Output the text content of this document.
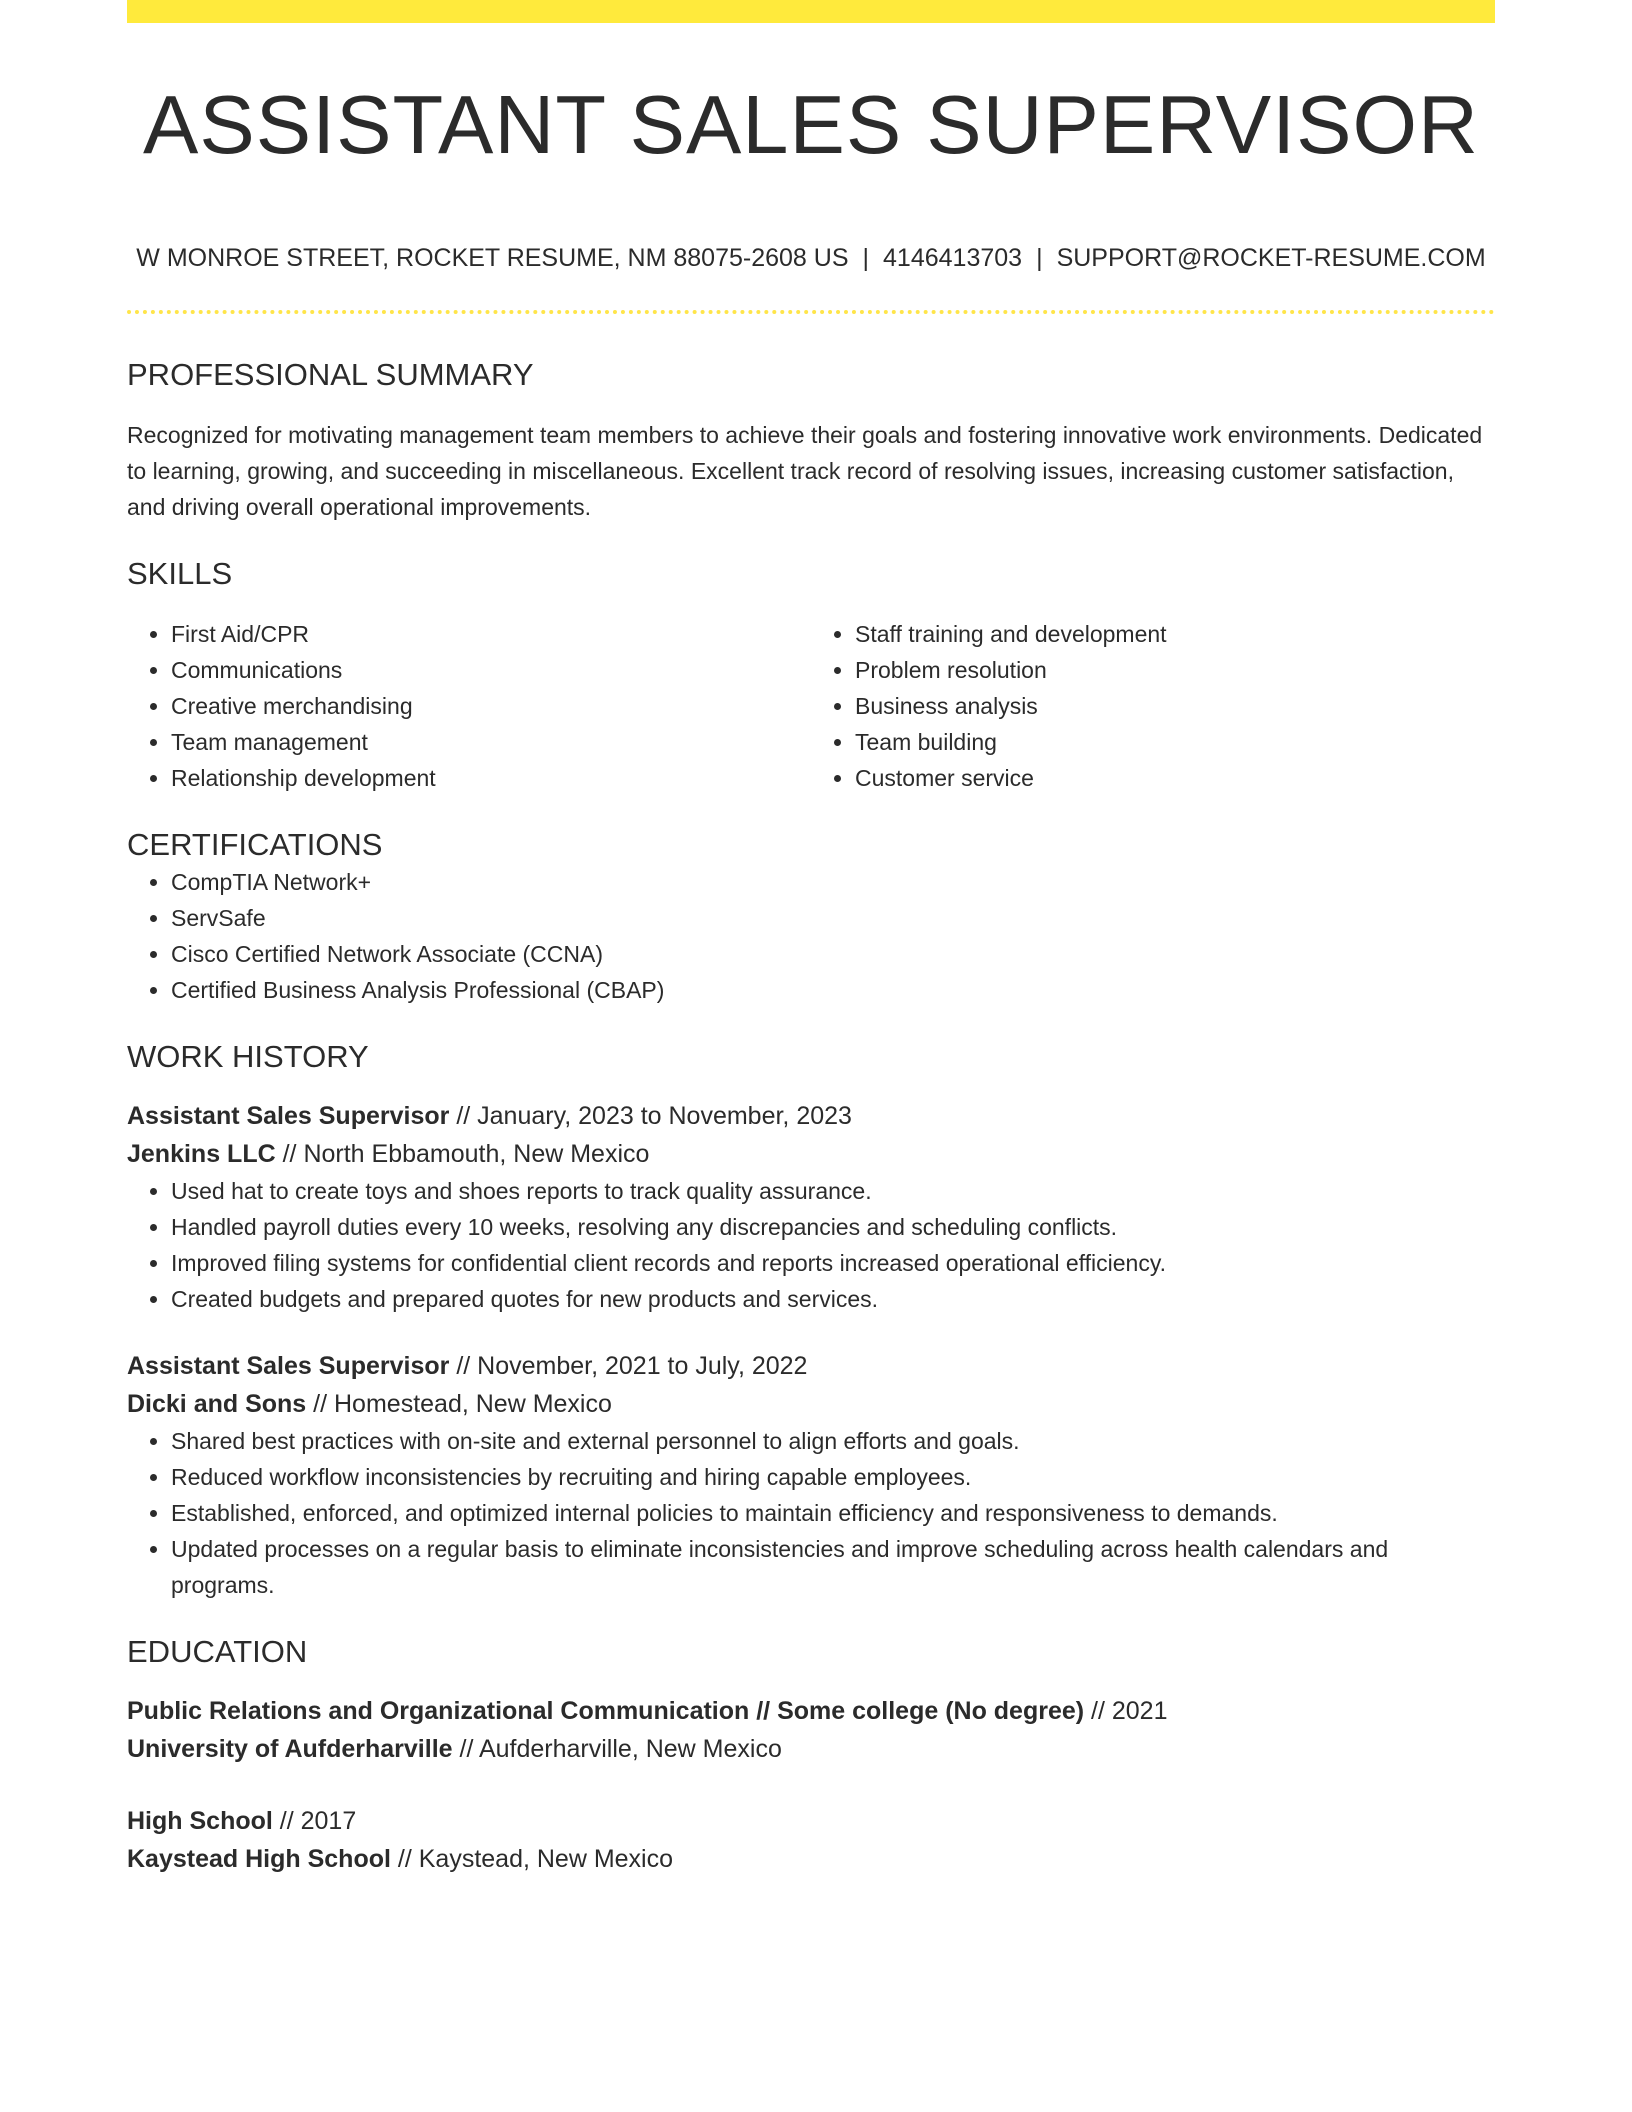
ASSISTANT SALES SUPERVISOR
W MONROE STREET, ROCKET RESUME, NM 88075-2608 US | 4146413703 | SUPPORT@ROCKET-RESUME.COM
PROFESSIONAL SUMMARY

Recognized for motivating management team members to achieve their goals and fostering innovative work environments. Dedicated to learning, growing, and succeeding in miscellaneous. Excellent track record of resolving issues, increasing customer satisfaction, and driving overall operational improvements.

SKILLS
• First Aid/CPR
• Communications
• Creative merchandising
• Team management
• Relationship development
• Staff training and development
• Problem resolution
• Business analysis
• Team building
• Customer service
CERTIFICATIONS
• CompTIA Network+
• ServSafe
• Cisco Certified Network Associate (CCNA)
• Certified Business Analysis Professional (CBAP)
WORK HISTORY
Assistant Sales Supervisor // January, 2023 to November, 2023
Jenkins LLC // North Ebbamouth, New Mexico
• Used hat to create toys and shoes reports to track quality assurance.
• Handled payroll duties every 10 weeks, resolving any discrepancies and scheduling conflicts.
• Improved filing systems for confidential client records and reports increased operational efficiency.
• Created budgets and prepared quotes for new products and services.
Assistant Sales Supervisor // November, 2021 to July, 2022
Dicki and Sons // Homestead, New Mexico
• Shared best practices with on-site and external personnel to align efforts and goals.
• Reduced workflow inconsistencies by recruiting and hiring capable employees.
• Established, enforced, and optimized internal policies to maintain efficiency and responsiveness to demands.
• Updated processes on a regular basis to eliminate inconsistencies and improve scheduling across health calendars and programs.
EDUCATION
Public Relations and Organizational Communication // Some college (No degree) // 2021
University of Aufderharville // Aufderharville, New Mexico
High School // 2017
Kaystead High School // Kaystead, New Mexico
